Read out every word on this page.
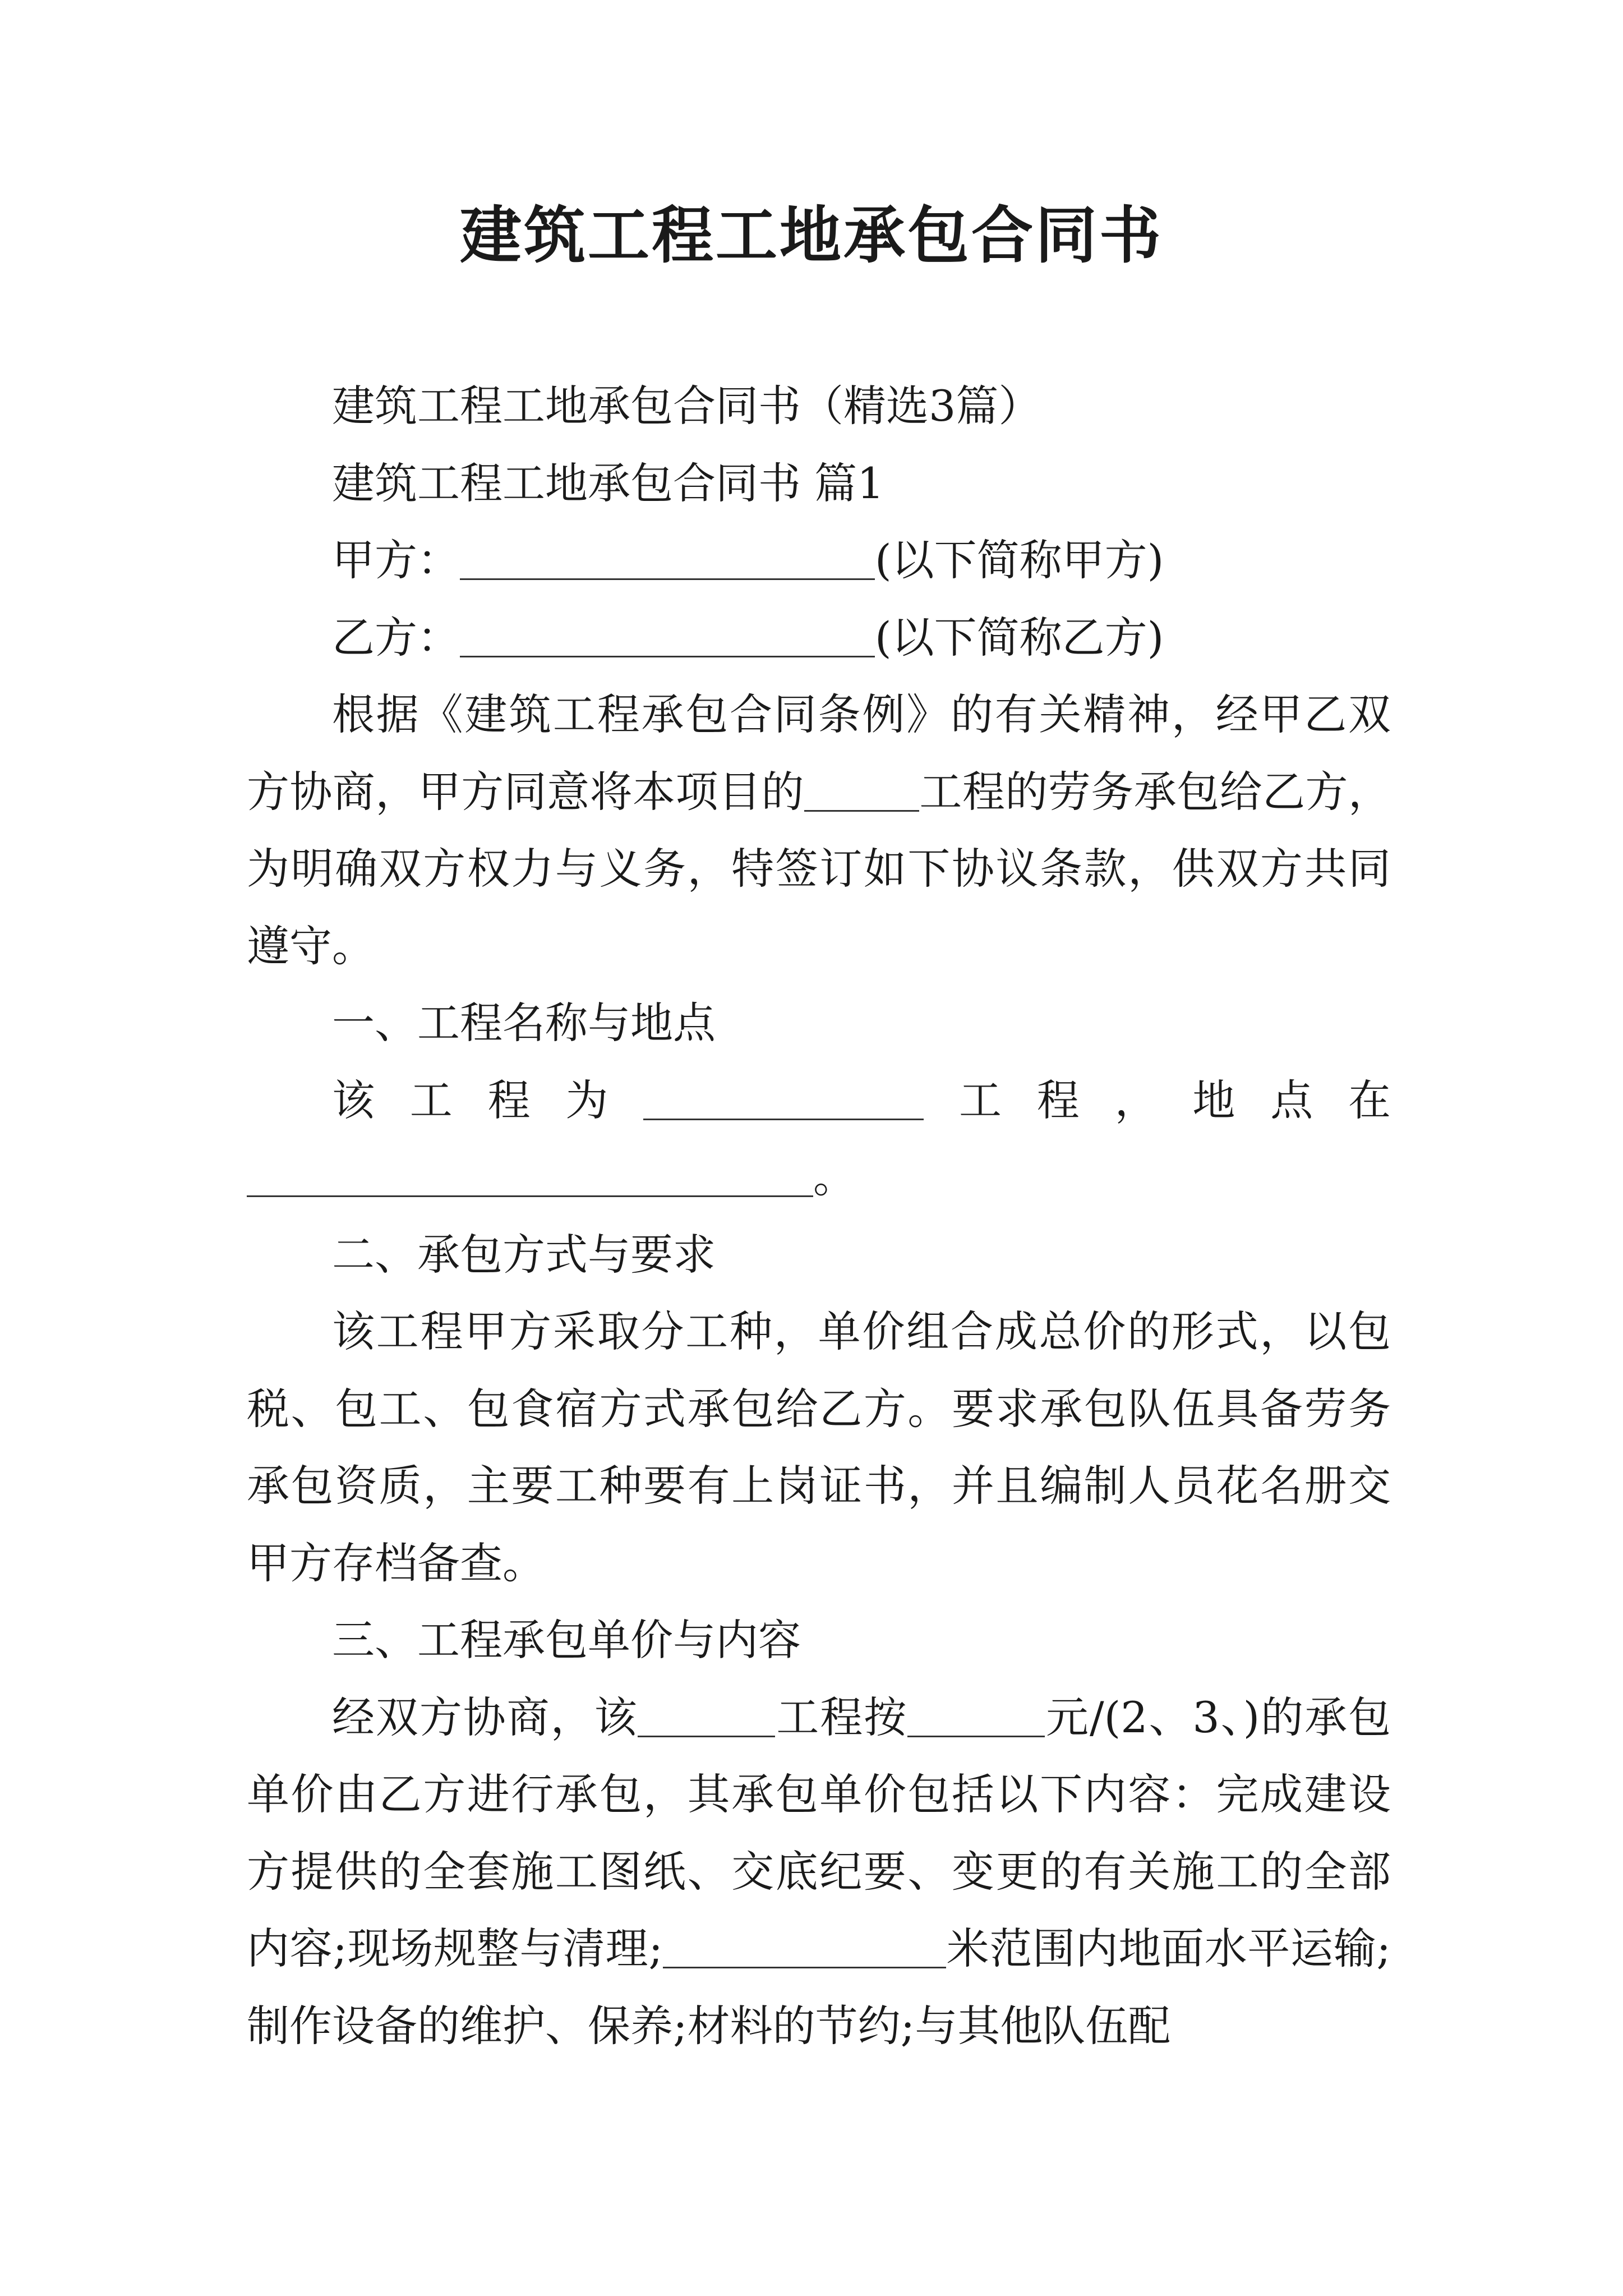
建筑工程工地承包合同书

建筑工程工地承包合同书（精选3篇）

建筑工程工地承包合同书 篇1

甲方：	(以下简称甲方)

乙方：	(以下简称乙方)

根据《建筑工程承包合同条例》的有关精神，经甲乙双方协商，甲方同意将本项目的	工程的劳务承包给乙方，为明确双方权力与义务，特签订如下协议条款，供双方共同遵守。

一、工程名称与地点

该工程为	工程，地点在

。

二、承包方式与要求

该工程甲方采取分工种，单价组合成总价的形式，以包税、包工、包食宿方式承包给乙方。要求承包队伍具备劳务承包资质，主要工种要有上岗证书，并且编制人员花名册交甲方存档备查。

三、工程承包单价与内容

经双方协商，该	工程按	元/(2、3、)的承包单价由乙方进行承包，其承包单价包括以下内容：完成建设方提供的全套施工图纸、交底纪要、变更的有关施工的全部内容;现场规整与清理;	米范围内地面水平运输;制作设备的维护、保养;材料的节约;与其他队伍配
